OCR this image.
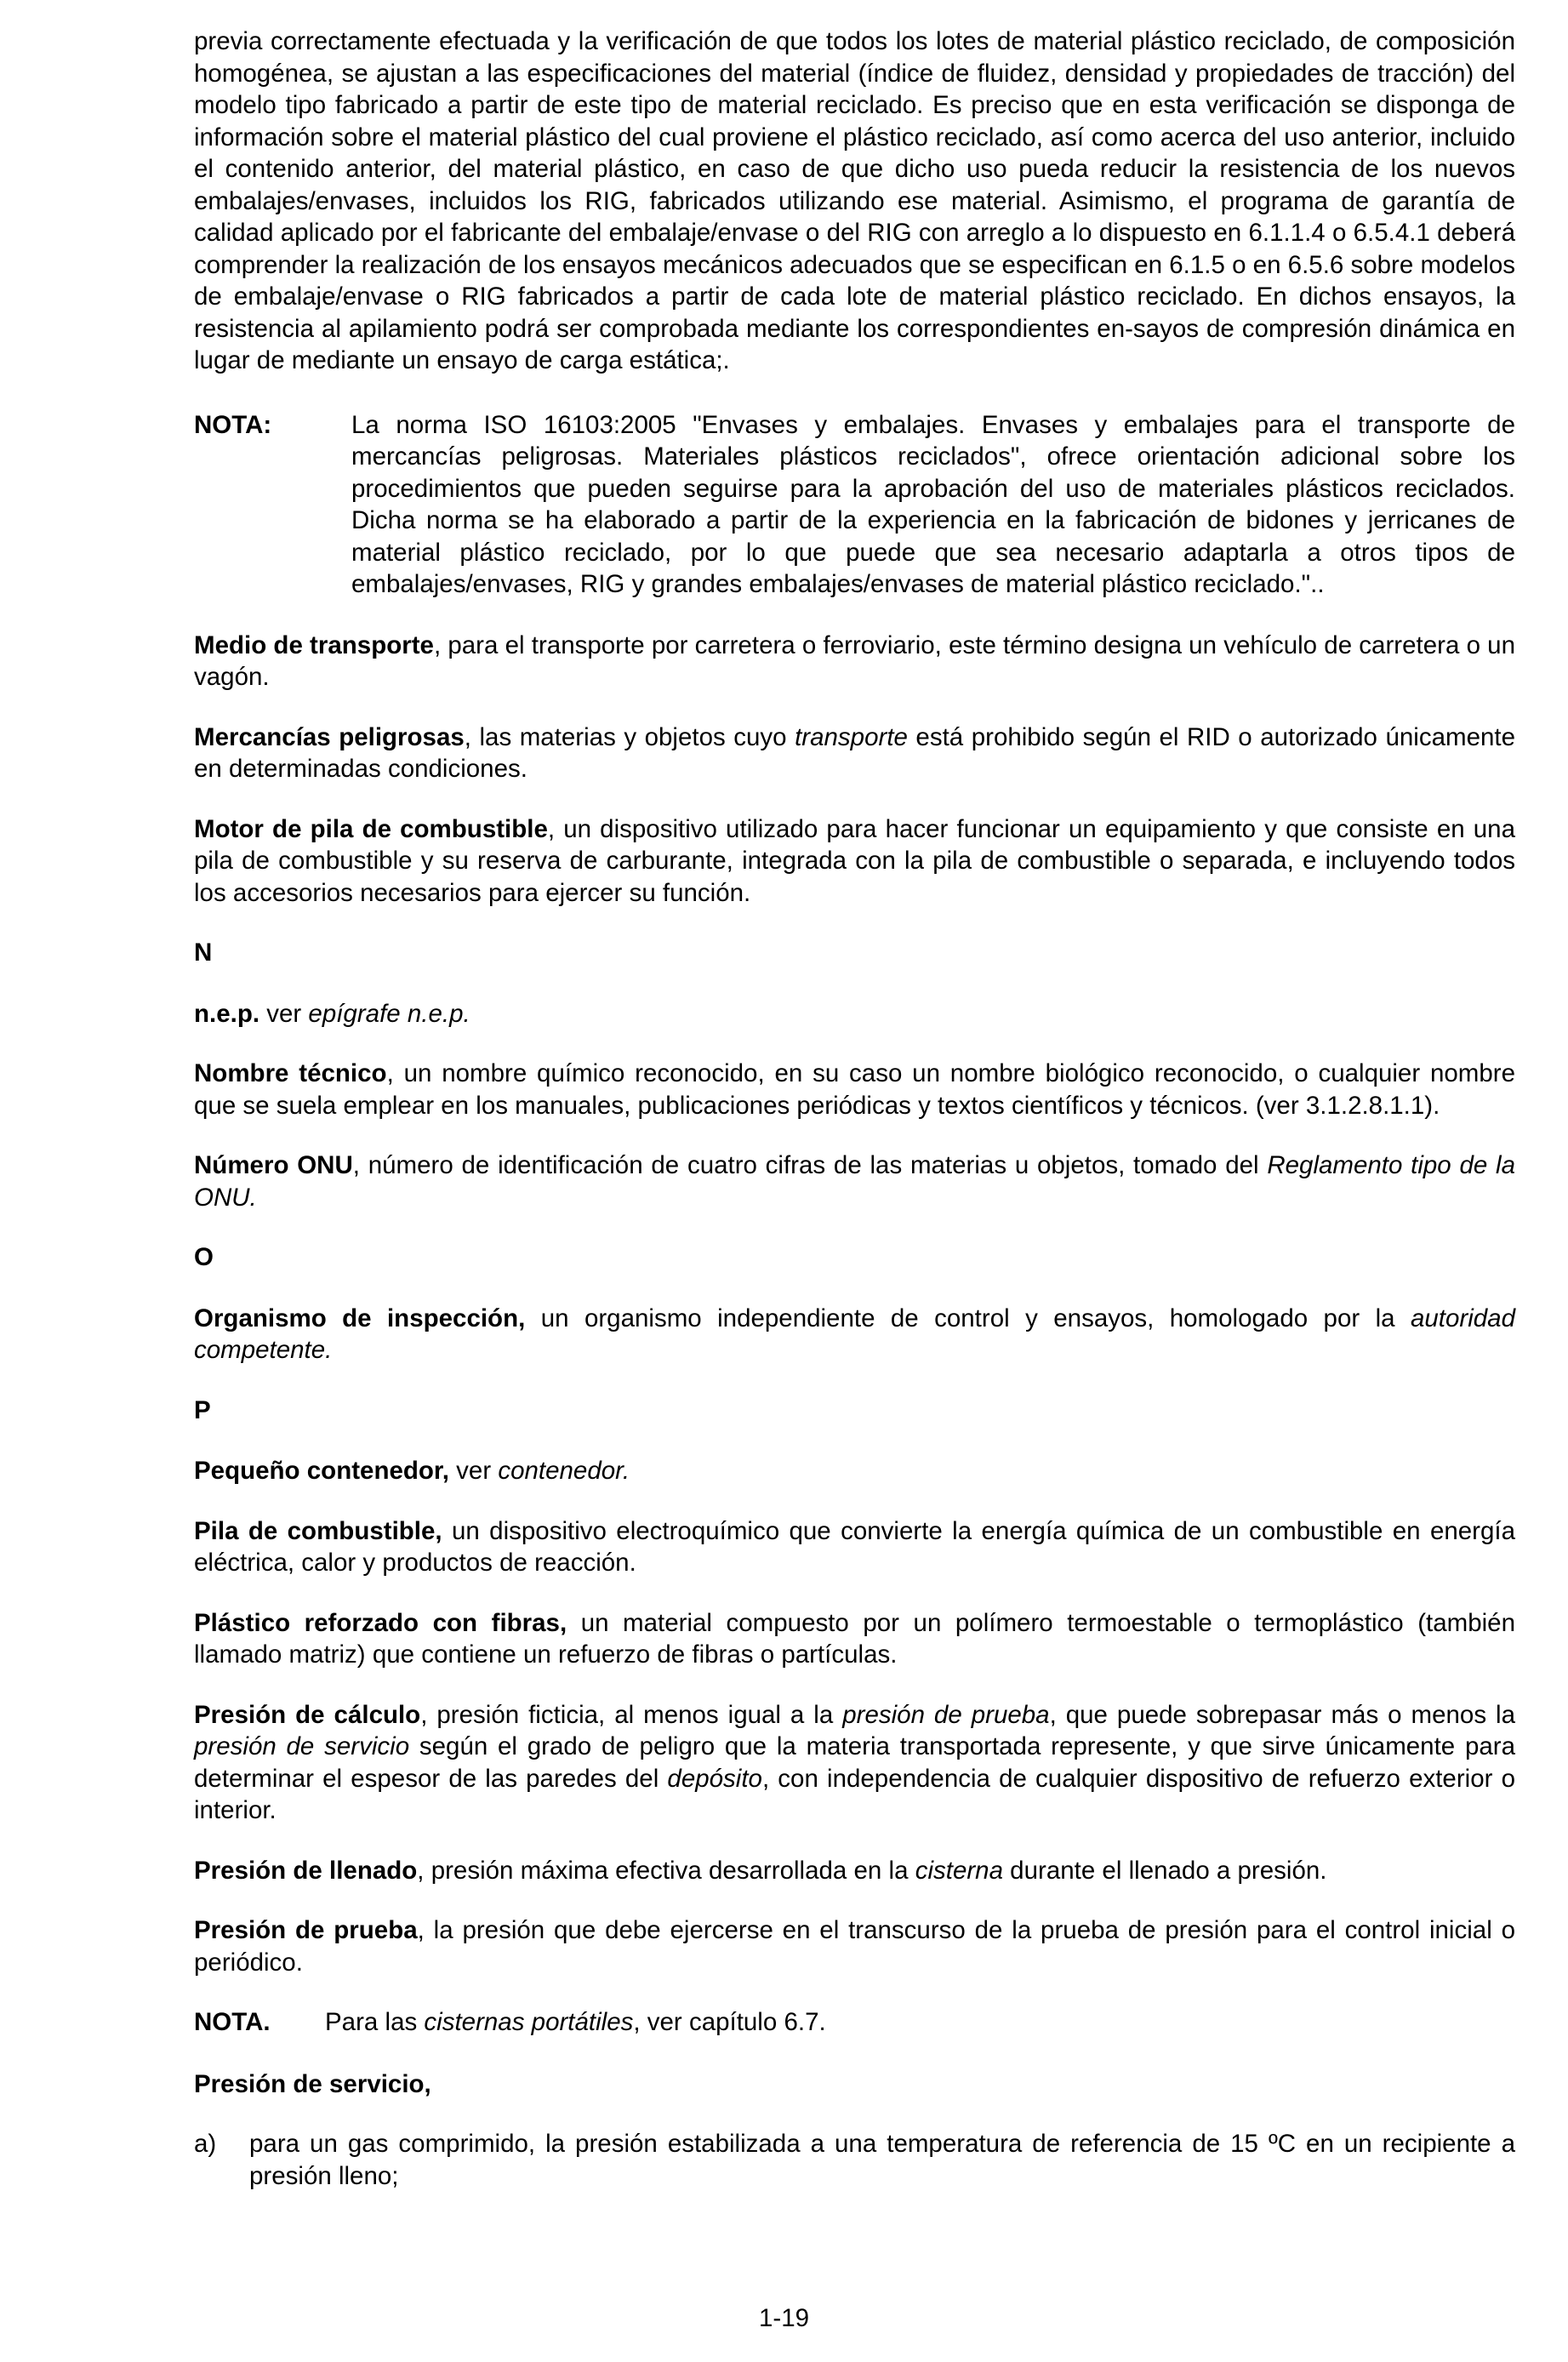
previa correctamente efectuada y la verificación de que todos los lotes de material plástico reciclado, de composición homogénea, se ajustan a las especificaciones del material (índice de fluidez, densidad y propiedades de tracción) del modelo tipo fabricado a partir de este tipo de material reciclado. Es preciso que en esta verificación se disponga de información sobre el material plástico del cual proviene el plástico reciclado, así como acerca del uso anterior, incluido el contenido anterior, del material plástico, en caso de que dicho uso pueda reducir la resistencia de los nuevos embalajes/envases, incluidos los RIG, fabricados utilizando ese material. Asimismo, el programa de garantía de calidad aplicado por el fabricante del embalaje/envase o del RIG con arreglo a lo dispuesto en 6.1.1.4 o 6.5.4.1 deberá comprender la realización de los ensayos mecánicos adecuados que se especifican en 6.1.5 o en 6.5.6 sobre modelos de embalaje/envase o RIG fabricados a partir de cada lote de material plástico reciclado. En dichos ensayos, la resistencia al apilamiento podrá ser comprobada mediante los correspondientes en-sayos de compresión dinámica en lugar de mediante un ensayo de carga estática;.

NOTA:	La norma ISO 16103:2005 "Envases y embalajes. Envases y embalajes para el transporte de mercancías peligrosas. Materiales plásticos reciclados", ofrece orientación adicional sobre los procedimientos que pueden seguirse para la aprobación del uso de materiales plásticos reciclados. Dicha norma se ha elaborado a partir de la experiencia en la fabricación de bidones y jerricanes de material plástico reciclado, por lo que puede que sea necesario adaptarla a otros tipos de embalajes/envases, RIG y grandes embalajes/envases de material plástico reciclado."..

Medio de transporte, para el transporte por carretera o ferroviario, este término designa un vehículo de carretera o un vagón.

Mercancías peligrosas, las materias y objetos cuyo transporte está prohibido según el RID o autorizado únicamente en determinadas condiciones.

Motor de pila de combustible, un dispositivo utilizado para hacer funcionar un equipamiento y que consiste en una pila de combustible y su reserva de carburante, integrada con la pila de combustible o separada, e incluyendo todos los accesorios necesarios para ejercer su función.

N

n.e.p. ver epígrafe n.e.p.

Nombre técnico, un nombre químico reconocido, en su caso un nombre biológico reconocido, o cualquier nombre que se suela emplear en los manuales, publicaciones periódicas y textos científicos y técnicos. (ver 3.1.2.8.1.1).

Número ONU, número de identificación de cuatro cifras de las materias u objetos, tomado del Reglamento tipo de la ONU.

O

Organismo de inspección, un organismo independiente de control y ensayos, homologado por la autoridad competente.

P

Pequeño contenedor, ver contenedor.

Pila de combustible, un dispositivo electroquímico que convierte la energía química de un combustible en energía eléctrica, calor y productos de reacción.

Plástico reforzado con fibras, un material compuesto por un polímero termoestable o termoplástico (también llamado matriz) que contiene un refuerzo de fibras o partículas.

Presión de cálculo, presión ficticia, al menos igual a la presión de prueba, que puede sobrepasar más o menos la presión de servicio según el grado de peligro que la materia transportada represente, y que sirve únicamente para determinar el espesor de las paredes del depósito, con independencia de cualquier dispositivo de refuerzo exterior o interior.

Presión de llenado, presión máxima efectiva desarrollada en la cisterna durante el llenado a presión.

Presión de prueba, la presión que debe ejercerse en el transcurso de la prueba de presión para el control inicial o periódico.

NOTA.	Para las cisternas portátiles, ver capítulo 6.7.

Presión de servicio,

a)	para un gas comprimido, la presión estabilizada a una temperatura de referencia de 15 ºC en un recipiente a presión lleno;
1-19
